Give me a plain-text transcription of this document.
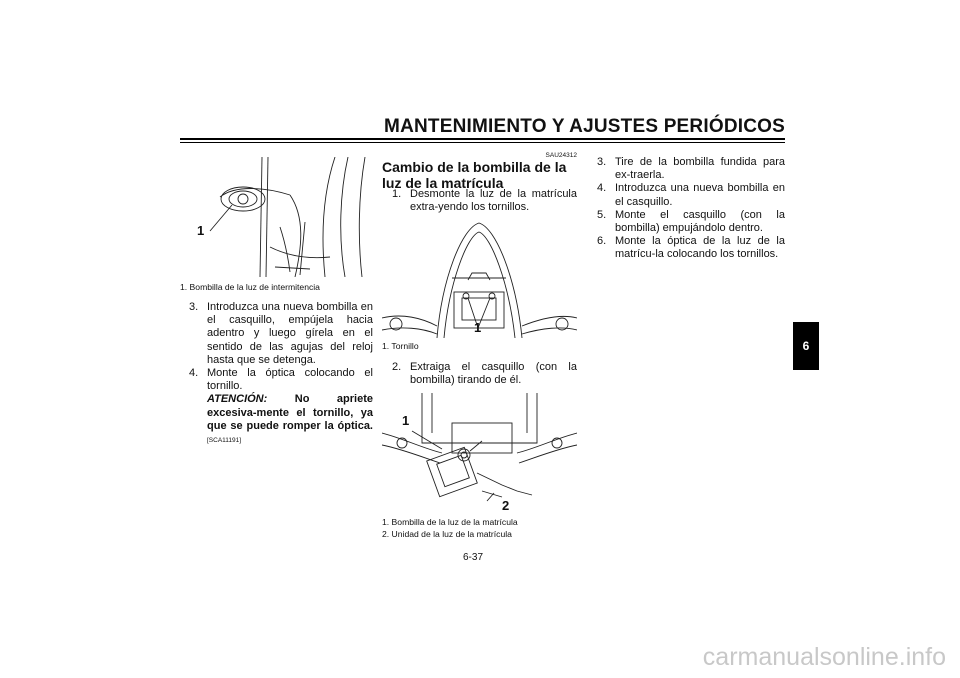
MANTENIMIENTO Y AJUSTES PERIÓDICOS
6
1
1. Bombilla de la luz de intermitencia
3. Introduzca una nueva bombilla en el casquillo, empújela hacia adentro y luego gírela en el sentido de las agujas del reloj hasta que se detenga.
4. Monte la óptica colocando el tornillo.
ATENCIÓN: No apriete excesiva-mente el tornillo, ya que se puede romper la óptica. [SCA11191]
SAU24312
Cambio de la bombilla de la luz de la matrícula
1. Desmonte la luz de la matrícula extra-yendo los tornillos.
1
1. Tornillo
2. Extraiga el casquillo (con la bombilla) tirando de él.
1
2
1. Bombilla de la luz de la matrícula
2. Unidad de la luz de la matrícula
3. Tire de la bombilla fundida para ex-traerla.
4. Introduzca una nueva bombilla en el casquillo.
5. Monte el casquillo (con la bombilla) empujándolo dentro.
6. Monte la óptica de la luz de la matrícu-la colocando los tornillos.
6-37
carmanualsonline.info
